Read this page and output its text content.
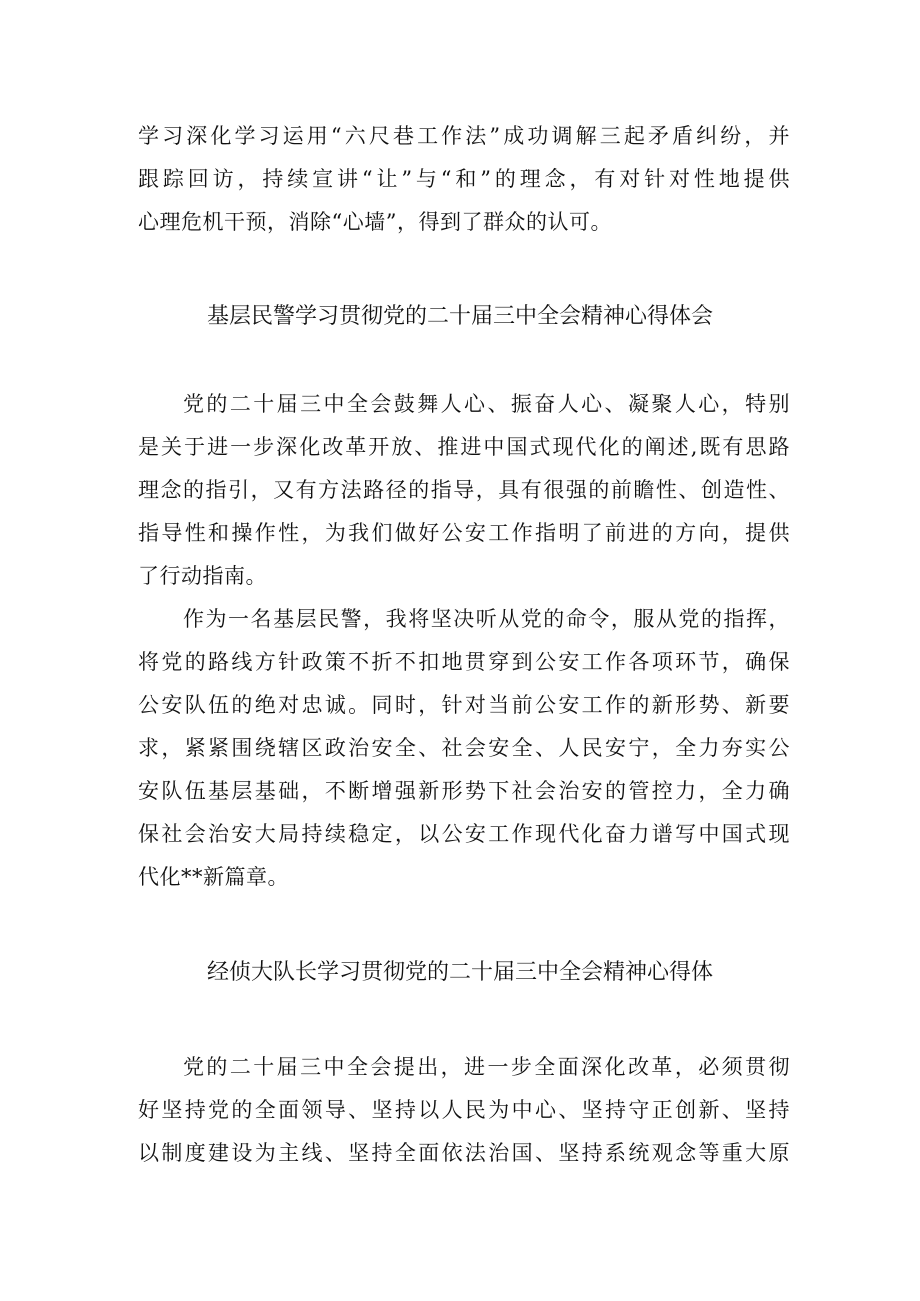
学习深化学习运用“六尺巷工作法”成功调解三起矛盾纠纷，并
跟踪回访，持续宣讲“让”与“和”的理念，有对针对性地提供
心理危机干预，消除“心墙”，得到了群众的认可。
基层民警学习贯彻党的二十届三中全会精神心得体会
党的二十届三中全会鼓舞人心、振奋人心、凝聚人心，特别
是关于进一步深化改革开放、推进中国式现代化的阐述,既有思路
理念的指引，又有方法路径的指导，具有很强的前瞻性、创造性、
指导性和操作性，为我们做好公安工作指明了前进的方向，提供
了行动指南。
作为一名基层民警，我将坚决听从党的命令，服从党的指挥，
将党的路线方针政策不折不扣地贯穿到公安工作各项环节，确保
公安队伍的绝对忠诚。同时，针对当前公安工作的新形势、新要
求，紧紧围绕辖区政治安全、社会安全、人民安宁，全力夯实公
安队伍基层基础，不断增强新形势下社会治安的管控力，全力确
保社会治安大局持续稳定，以公安工作现代化奋力谱写中国式现
代化**新篇章。
经侦大队长学习贯彻党的二十届三中全会精神心得体
党的二十届三中全会提出，进一步全面深化改革，必须贯彻
好坚持党的全面领导、坚持以人民为中心、坚持守正创新、坚持
以制度建设为主线、坚持全面依法治国、坚持系统观念等重大原
